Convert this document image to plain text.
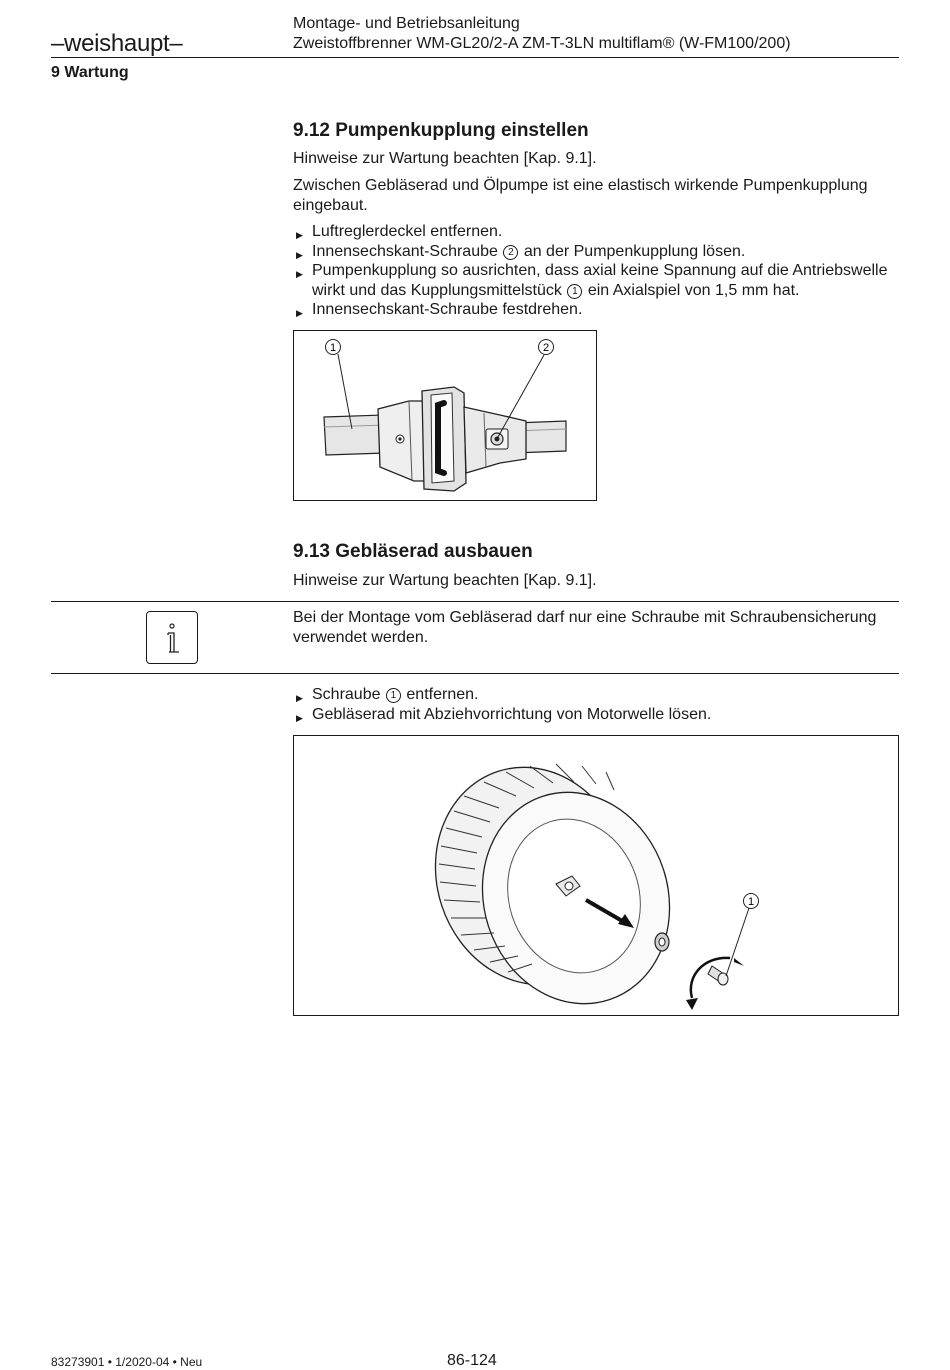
–weishaupt–
Montage- und Betriebsanleitung
Zweistoffbrenner WM-GL20/2-A ZM-T-3LN multiflam® (W-FM100/200)
9 Wartung
9.12 Pumpenkupplung einstellen
Hinweise zur Wartung beachten [Kap. 9.1].
Zwischen Gebläserad und Ölpumpe ist eine elastisch wirkende Pumpenkupplung eingebaut.
▶ Luftreglerdeckel entfernen.
▶ Innensechskant-Schraube 2 an der Pumpenkupplung lösen.
▶ Pumpenkupplung so ausrichten, dass axial keine Spannung auf die Antriebswelle wirkt und das Kupplungsmittelstück 1 ein Axialspiel von 1,5 mm hat.
▶ Innensechskant-Schraube festdrehen.
1	2
9.13 Gebläserad ausbauen
Hinweise zur Wartung beachten [Kap. 9.1].
Bei der Montage vom Gebläserad darf nur eine Schraube mit Schraubensicherung verwendet werden.
▶ Schraube 1 entfernen.
▶ Gebläserad mit Abziehvorrichtung von Motorwelle lösen.
1
83273901 • 1/2020-04 • Neu	86-124
